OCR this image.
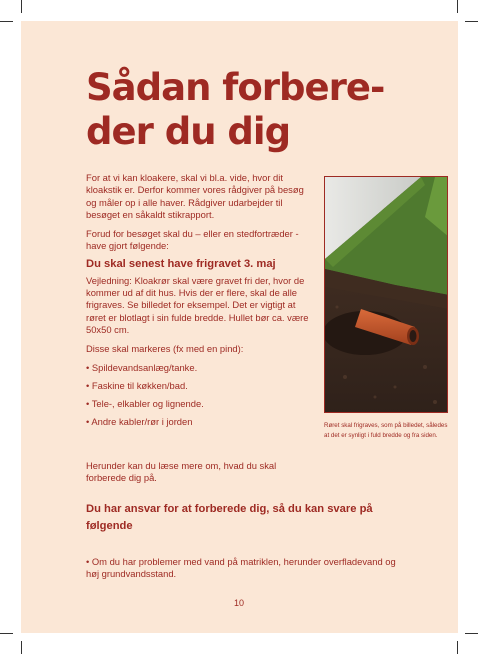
Sådan forbere-
der du dig

For at vi kan kloakere, skal vi bl.a. vide, hvor dit kloakstik er. Derfor kommer vores rådgiver på besøg og måler op i alle haver. Rådgiver udarbejder til besøget en såkaldt stikrapport.

Forud for besøget skal du – eller en stedfortræder - have gjort følgende:

Du skal senest have frigravet 3. maj

Vejledning: Kloakrør skal være gravet fri der, hvor de kommer ud af dit hus. Hvis der er flere, skal de alle frigraves. Se billedet for eksempel. Det er vigtigt at røret er blotlagt i sin fulde bredde. Hullet bør ca. være 50x50 cm.

Disse skal markeres (fx med en pind):

• Spildevandsanlæg/tanke.

• Faskine til køkken/bad.

• Tele-, elkabler og lignende.

• Andre kabler/rør i jorden	Røret skal frigraves, som på billedet, således at det er synligt i fuld bredde og fra siden.

Herunder kan du læse mere om, hvad du skal forberede dig på.

Du har ansvar for at forberede dig, så du kan svare på følgende

• Om du har problemer med vand på matriklen, herunder overfladevand og høj grundvandsstand.

10
